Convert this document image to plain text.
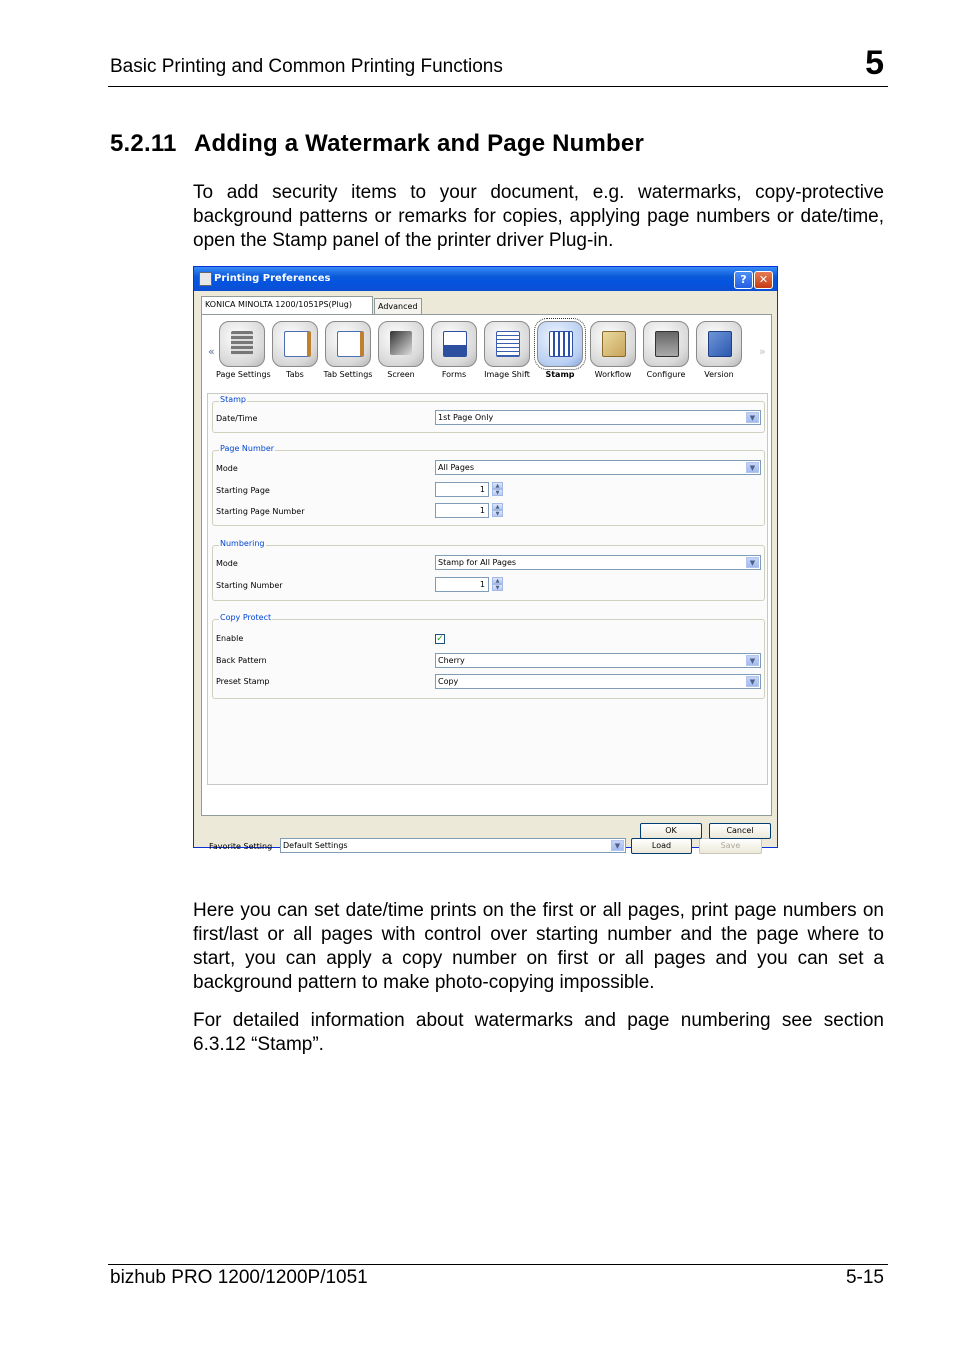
Basic Printing and Common Printing Functions	5
5.2.11 Adding a Watermark and Page Number
To add security items to your document, e.g. watermarks, copy-protective background patterns or remarks for copies, applying page numbers or date/time, open the Stamp panel of the printer driver Plug-in.
Printing Preferences	?	✕
KONICA MINOLTA 1200/1051PS(Plug)	Advanced
«	»
Page Settings	Tabs	Tab Settings	Screen	Forms	Image Shift	Stamp	Workflow	Configure	Version
Stamp
Date/Time	1st Page Only	▼
Page Number
Mode	All Pages	▼
Starting Page	1	▲
▼
Starting Page Number	1	▲
▼
Numbering
Mode	Stamp for All Pages	▼
Starting Number	1	▲
▼
Copy Protect
Enable	✓
Back Pattern	Cherry	▼
Preset Stamp	Copy	▼
Favorite Setting Default Settings	▼	Load	Save
OK	Cancel
Here you can set date/time prints on the first or all pages, print page numbers on first/last or all pages with control over starting number and the page where to start, you can apply a copy number on first or all pages and you can set a background pattern to make photo-copying impossible.
For detailed information about watermarks and page numbering see section 6.3.12 “Stamp”.
bizhub PRO 1200/1200P/1051	5-15
